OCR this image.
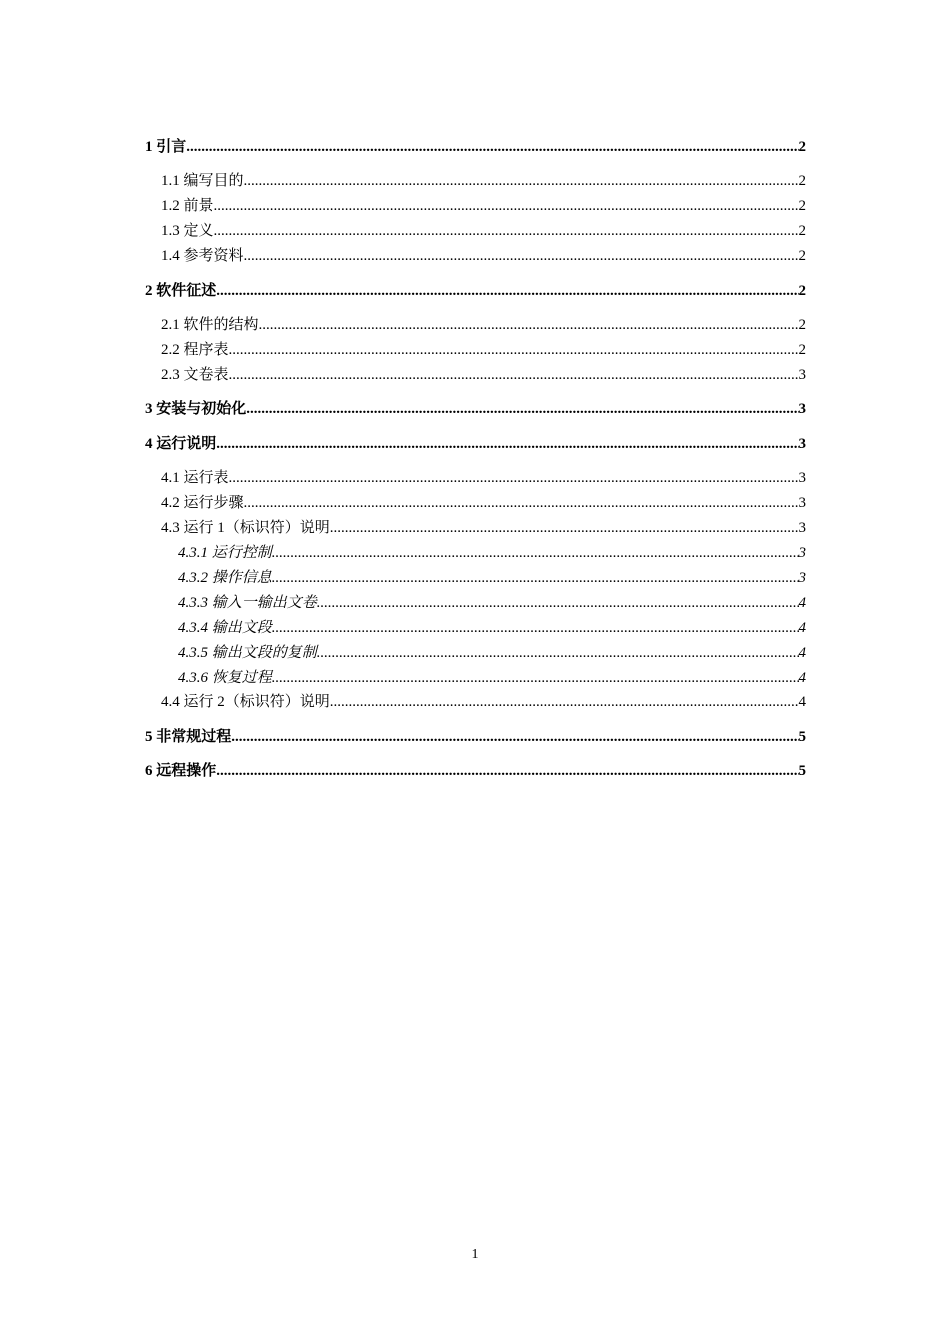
1 引言 .....	2
1.1 编写目的 .....	2
1.2 前景 .....	2
1.3 定义 .....	2
1.4 参考资料 .....	2
2 软件征述 .....	2
2.1 软件的结构 .....	2
2.2 程序表 .....	2
2.3 文卷表 .....	3
3 安装与初始化 .....	3
4 运行说明 .....	3
4.1 运行表 .....	3
4.2 运行步骤 .....	3
4.3 运行 1（标识符）说明 .....	3
4.3.1 运行控制 .....	3
4.3.2 操作信息 .....	3
4.3.3 输入一输出文卷 .....	4
4.3.4 输出文段 .....	4
4.3.5 输出文段的复制 .....	4
4.3.6 恢复过程 .....	4
4.4 运行 2（标识符）说明 .....	4
5 非常规过程 .....	5
6 远程操作 .....	5
1
